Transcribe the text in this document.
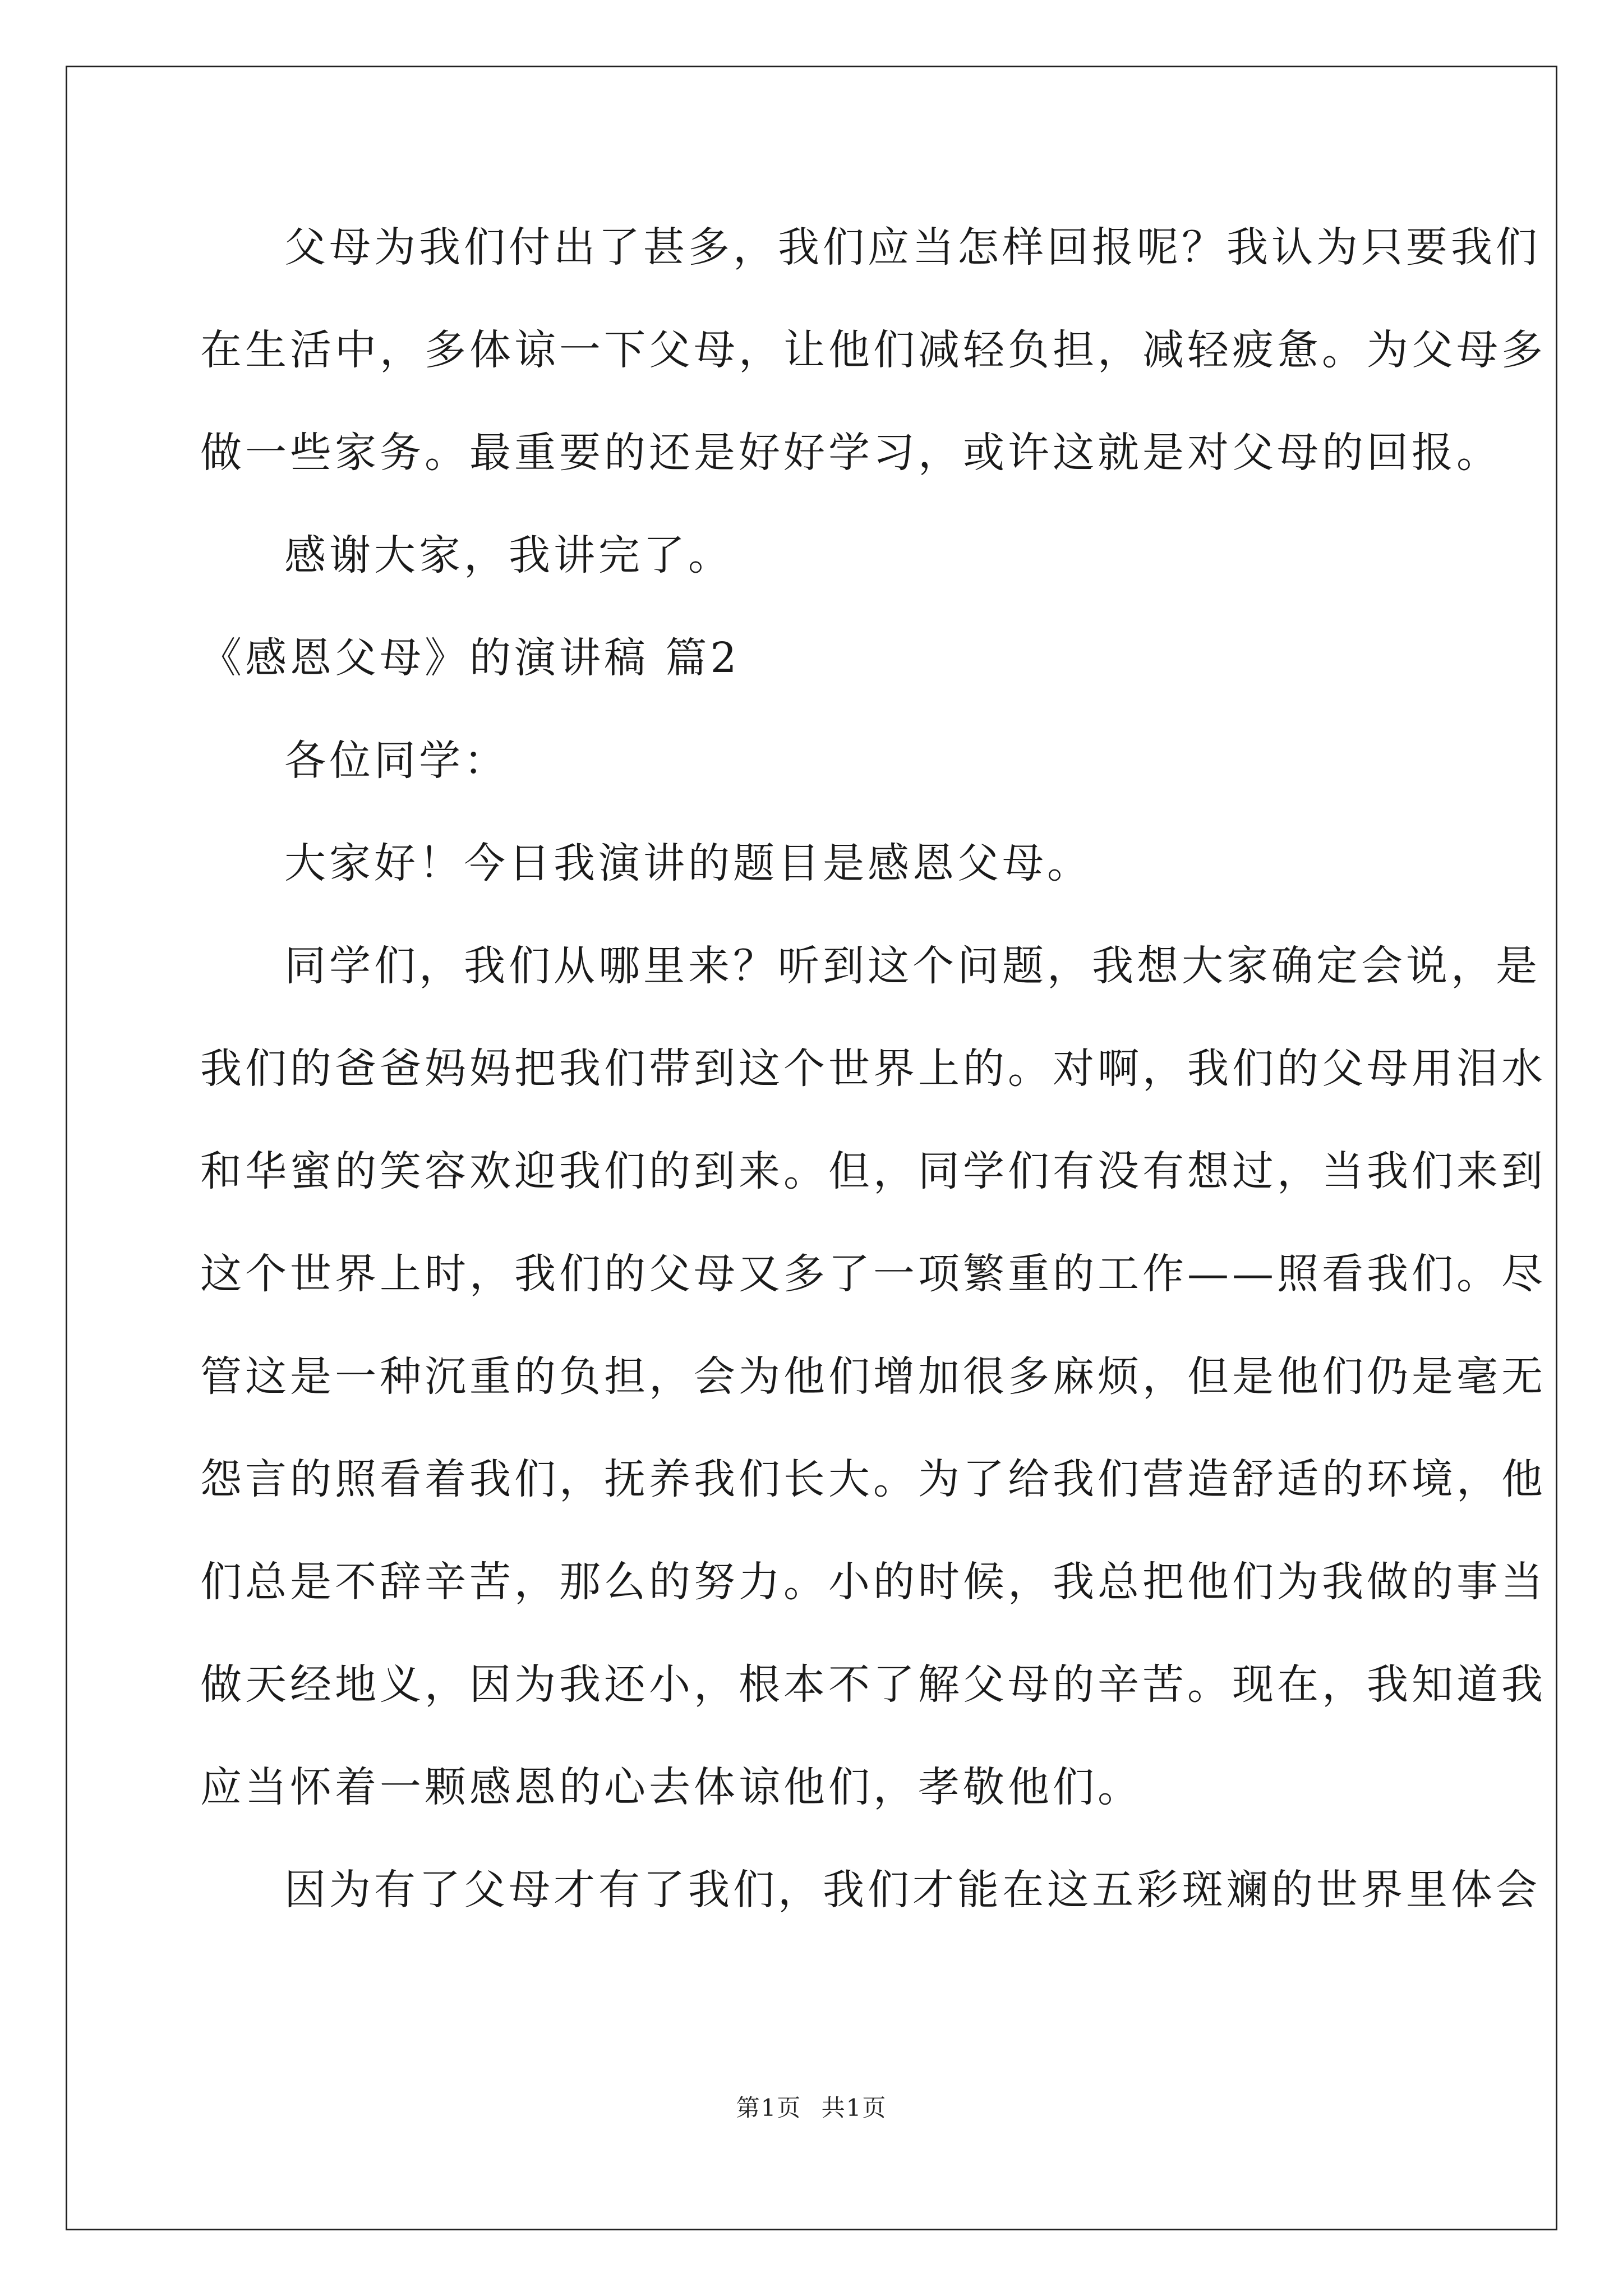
父母为我们付出了甚多，我们应当怎样回报呢？我认为只要我们
在生活中，多体谅一下父母，让他们减轻负担，减轻疲惫。为父母多
做一些家务。最重要的还是好好学习，或许这就是对父母的回报。
感谢大家，我讲完了。
《感恩父母》的演讲稿 篇2
各位同学：
大家好！今日我演讲的题目是感恩父母。
同学们，我们从哪里来？听到这个问题，我想大家确定会说，是
我们的爸爸妈妈把我们带到这个世界上的。对啊，我们的父母用泪水
和华蜜的笑容欢迎我们的到来。但，同学们有没有想过，当我们来到
这个世界上时，我们的父母又多了一项繁重的工作——照看我们。尽
管这是一种沉重的负担，会为他们增加很多麻烦，但是他们仍是毫无
怨言的照看着我们，抚养我们长大。为了给我们营造舒适的环境，他
们总是不辞辛苦，那么的努力。小的时候，我总把他们为我做的事当
做天经地义，因为我还小，根本不了解父母的辛苦。现在，我知道我
应当怀着一颗感恩的心去体谅他们，孝敬他们。
因为有了父母才有了我们，我们才能在这五彩斑斓的世界里体会
第1页 共1页
